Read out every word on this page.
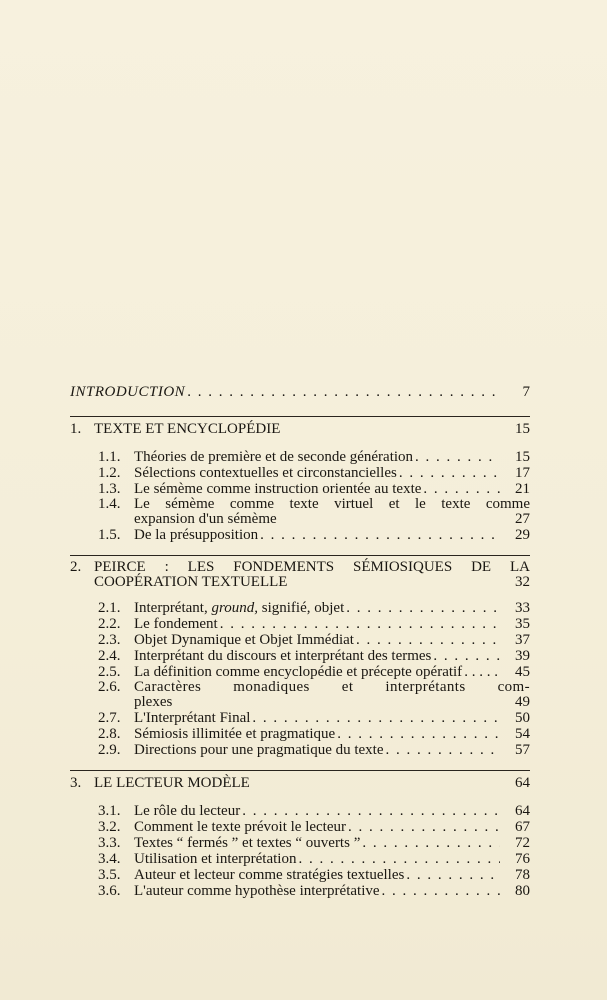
INTRODUCTION . . .	7
1. TEXTE ET ENCYCLOPÉDIE	15
1.1. Théories de première et de seconde génération . . .	15
1.2. Sélections contextuelles et circonstancielles . . .	17
1.3. Le sémème comme instruction orientée au texte . . .	21
1.4. Le sémème comme texte virtuel et le texte comme
expansion d'un sémème	27
1.5. De la présupposition . . .	29
2. PEIRCE : LES FONDEMENTS SÉMIOSIQUES DE LA
COOPÉRATION TEXTUELLE	32
2.1. Interprétant, ground, signifié, objet . . .	33
2.2. Le fondement . . .	35
2.3. Objet Dynamique et Objet Immédiat . . .	37
2.4. Interprétant du discours et interprétant des termes . . .	39
2.5. La définition comme encyclopédie et précepte opératif . . .	45
2.6. Caractères monadiques et interprétants com-
plexes	49
2.7. L'Interprétant Final . . .	50
2.8. Sémiosis illimitée et pragmatique . . .	54
2.9. Directions pour une pragmatique du texte . . .	57
3. LE LECTEUR MODÈLE	64
3.1. Le rôle du lecteur . . .	64
3.2. Comment le texte prévoit le lecteur . . .	67
3.3. Textes “ fermés ” et textes “ ouverts ” . . .	72
3.4. Utilisation et interprétation . . .	76
3.5. Auteur et lecteur comme stratégies textuelles . . .	78
3.6. L'auteur comme hypothèse interprétative . . .	80
